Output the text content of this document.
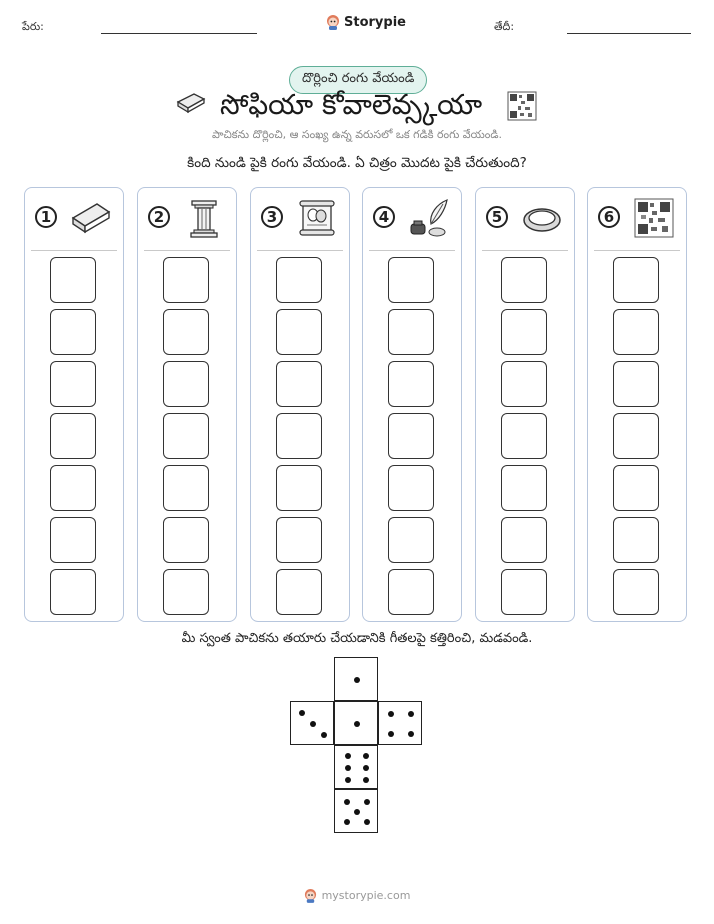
పేరు:	Storypie	తేదీ:
దొర్లించి రంగు వేయండి
సోఫియా కోవాలెవ్స్కయా
పాచికను దొర్లించి, ఆ సంఖ్య ఉన్న వరుసలో ఒక గడికి రంగు వేయండి.
కింది నుండి పైకి రంగు వేయండి. ఏ చిత్రం మొదట పైకి చేరుతుంది?
1	2	3	4	5	6
మీ స్వంత పాచికను తయారు చేయడానికి గీతలపై కత్తిరించి, మడవండి.
mystorypie.com
